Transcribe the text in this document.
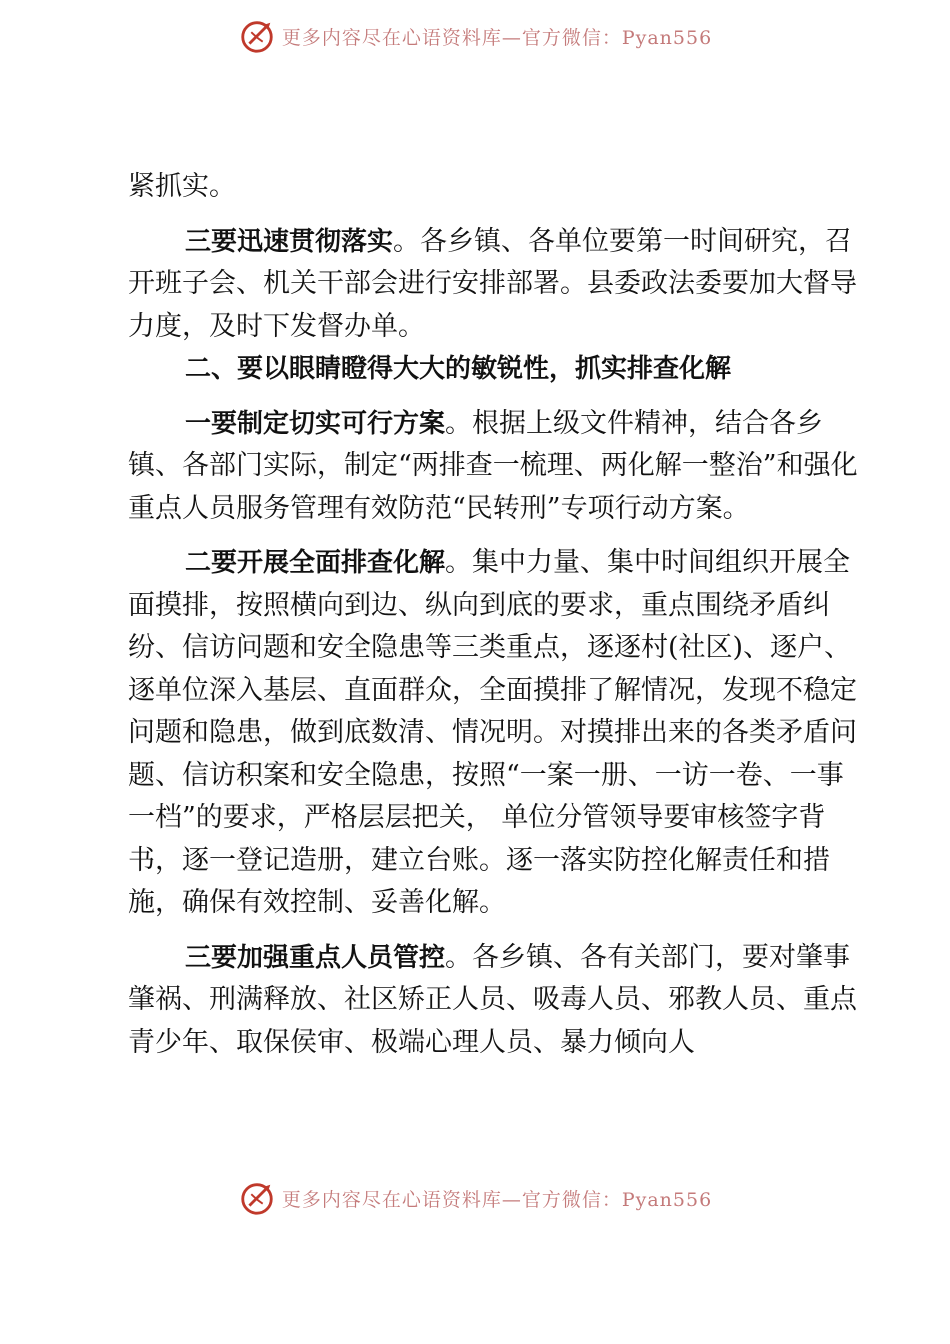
更多内容尽在心语资料库—官方微信：Pyan556

紧抓实。

三要迅速贯彻落实。各乡镇、各单位要第一时间研究，召开班子会、机关干部会进行安排部署。县委政法委要加大督导力度，及时下发督办单。

二、要以眼睛瞪得大大的敏锐性，抓实排查化解

一要制定切实可行方案。根据上级文件精神，结合各乡镇、各部门实际，制定“两排查一梳理、两化解一整治”和强化重点人员服务管理有效防范“民转刑”专项行动方案。

二要开展全面排查化解。集中力量、集中时间组织开展全面摸排，按照横向到边、纵向到底的要求，重点围绕矛盾纠纷、信访问题和安全隐患等三类重点，逐逐村(社区)、逐户、逐单位深入基层、直面群众，全面摸排了解情况，发现不稳定问题和隐患，做到底数清、情况明。对摸排出来的各类矛盾问题、信访积案和安全隐患，按照“一案一册、一访一卷、一事一档”的要求，严格层层把关， 单位分管领导要审核签字背书，逐一登记造册，建立台账。逐一落实防控化解责任和措施，确保有效控制、妥善化解。

三要加强重点人员管控。各乡镇、各有关部门，要对肇事肇祸、刑满释放、社区矫正人员、吸毒人员、邪教人员、重点青少年、取保侯审、极端心理人员、暴力倾向人

更多内容尽在心语资料库—官方微信：Pyan556
